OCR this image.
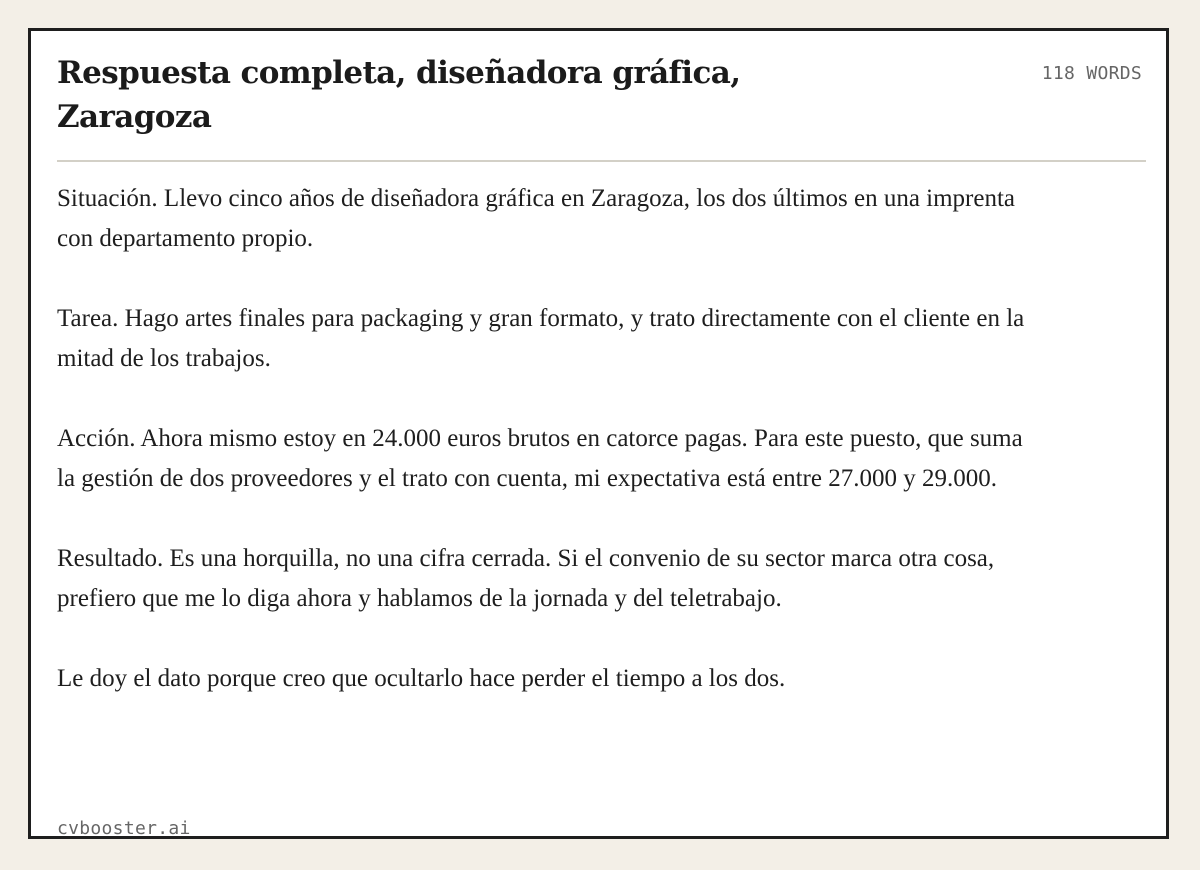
Respuesta completa, diseñadora gráfica, Zaragoza
118 WORDS

Situación. Llevo cinco años de diseñadora gráfica en Zaragoza, los dos últimos en una imprenta con departamento propio.

Tarea. Hago artes finales para packaging y gran formato, y trato directamente con el cliente en la mitad de los trabajos.

Acción. Ahora mismo estoy en 24.000 euros brutos en catorce pagas. Para este puesto, que suma la gestión de dos proveedores y el trato con cuenta, mi expectativa está entre 27.000 y 29.000.

Resultado. Es una horquilla, no una cifra cerrada. Si el convenio de su sector marca otra cosa, prefiero que me lo diga ahora y hablamos de la jornada y del teletrabajo.

Le doy el dato porque creo que ocultarlo hace perder el tiempo a los dos.

cvbooster.ai
